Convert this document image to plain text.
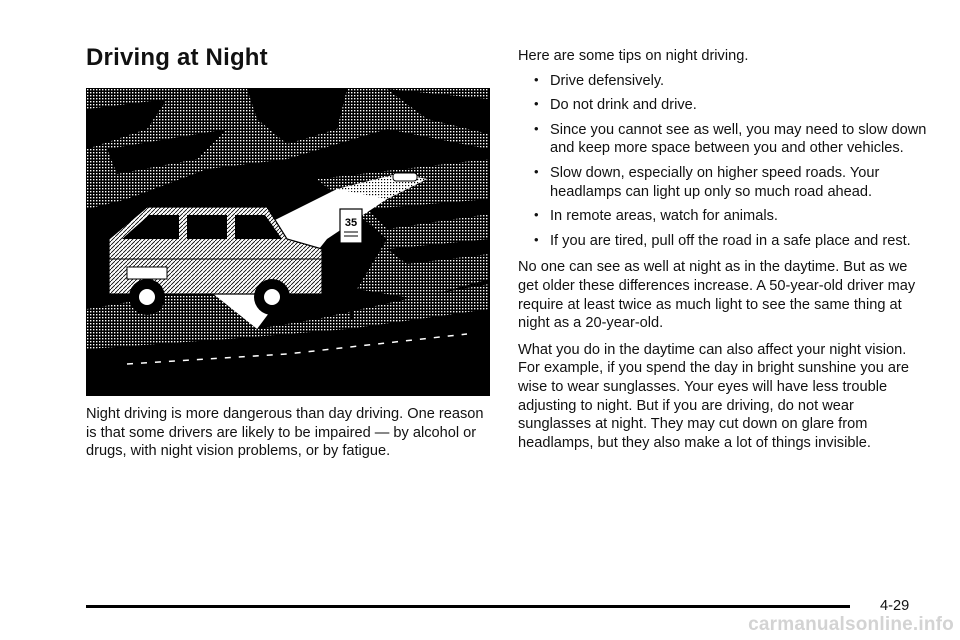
Driving at Night
35

Night driving is more dangerous than day driving. One reason is that some drivers are likely to be impaired — by alcohol or drugs, with night vision problems, or by fatigue.

Here are some tips on night driving.

• Drive defensively.
• Do not drink and drive.
• Since you cannot see as well, you may need to slow down and keep more space between you and other vehicles.
• Slow down, especially on higher speed roads. Your headlamps can light up only so much road ahead.
• In remote areas, watch for animals.
• If you are tired, pull off the road in a safe place and rest.

No one can see as well at night as in the daytime. But as we get older these differences increase. A 50-year-old driver may require at least twice as much light to see the same thing at night as a 20-year-old.

What you do in the daytime can also affect your night vision. For example, if you spend the day in bright sunshine you are wise to wear sunglasses. Your eyes will have less trouble adjusting to night. But if you are driving, do not wear sunglasses at night. They may cut down on glare from headlamps, but they also make a lot of things invisible.

4-29
carmanualsonline.info
